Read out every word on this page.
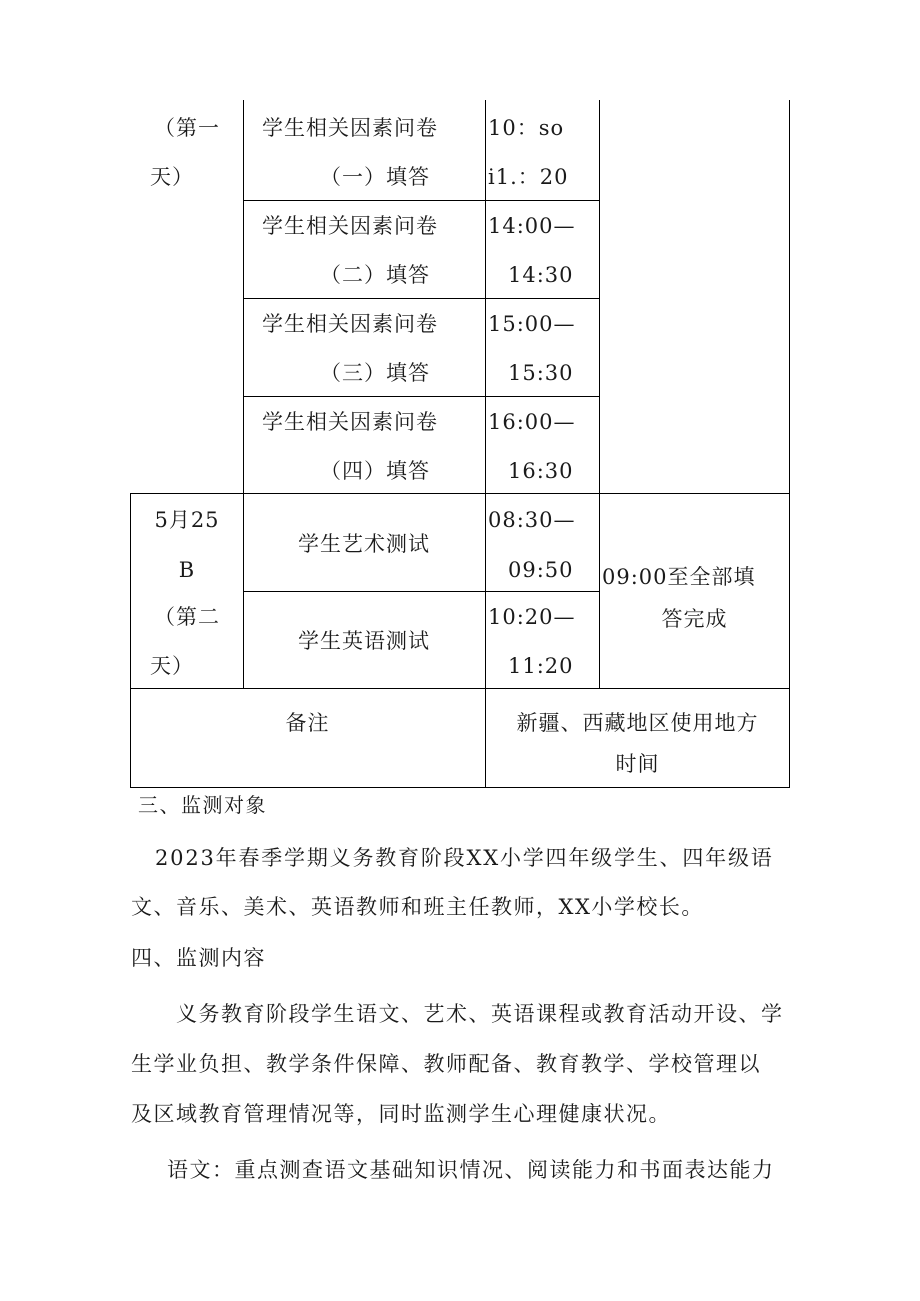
（第一
天）
学生相关因素问卷
（一）填答
10：so
i1.：20
学生相关因素问卷
（二）填答
14:00—
14:30
学生相关因素问卷
（三）填答
15:00—
15:30
学生相关因素问卷
（四）填答
16:00—
16:30
5月25
B
（第二
天）
学生艺术测试
08:30—
09:50
学生英语测试
10:20—
11:20
09:00至全部填
答完成
备注	新疆、西藏地区使用地方
时间
三、监测对象
2023年春季学期义务教育阶段XX小学四年级学生、四年级语
文、音乐、美术、英语教师和班主任教师，XX小学校长。
四、监测内容
义务教育阶段学生语文、艺术、英语课程或教育活动开设、学
生学业负担、教学条件保障、教师配备、教育教学、学校管理以
及区域教育管理情况等，同时监测学生心理健康状况。
语文：重点测查语文基础知识情况、阅读能力和书面表达能力
